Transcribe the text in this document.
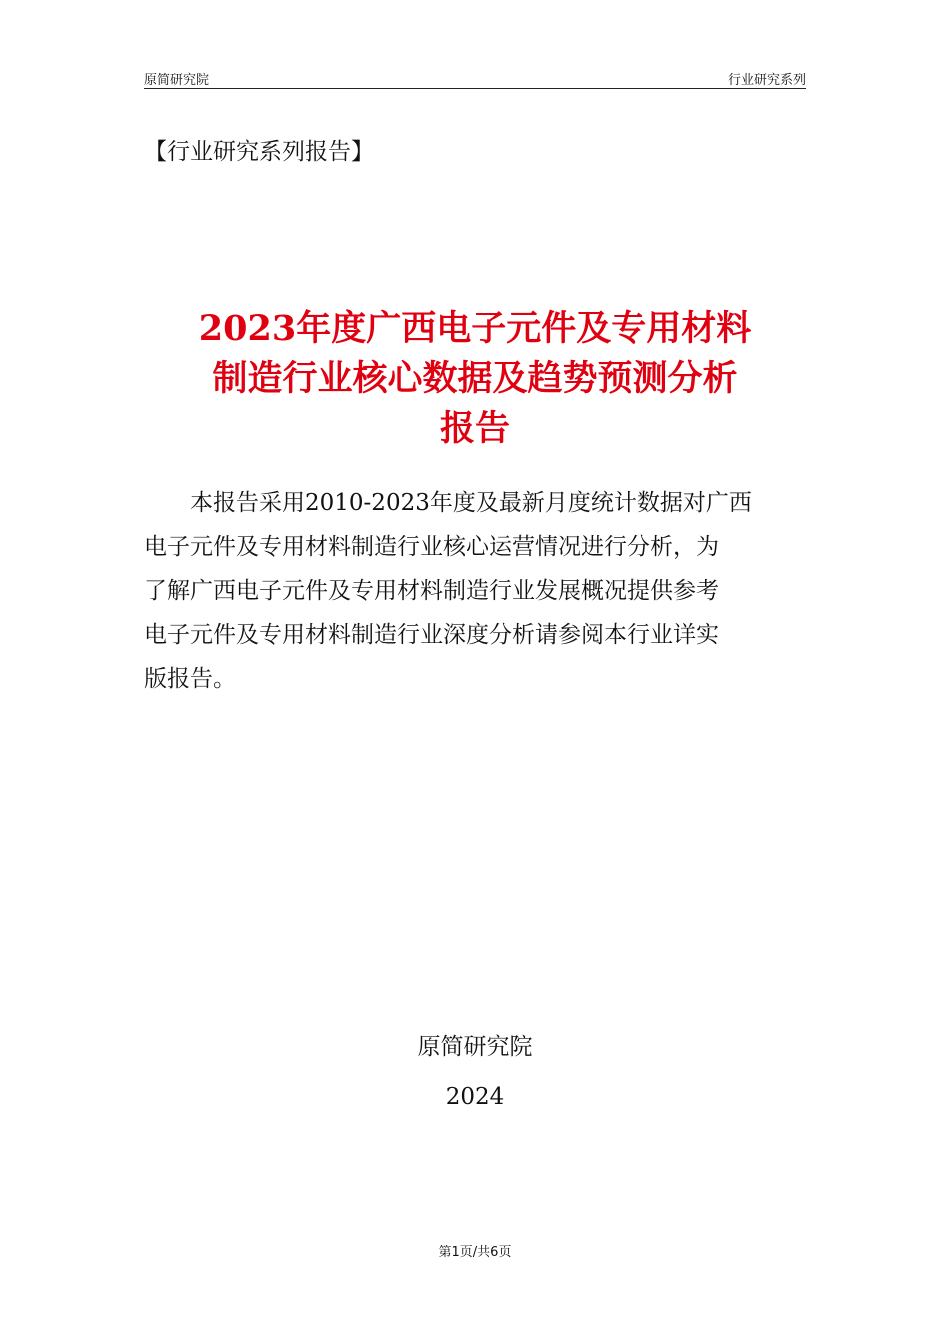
原简研究院	行业研究系列
【行业研究系列报告】
2023年度广西电子元件及专用材料
制造行业核心数据及趋势预测分析
报告
本报告采用2010-2023年度及最新月度统计数据对广西
电子元件及专用材料制造行业核心运营情况进行分析，为
了解广西电子元件及专用材料制造行业发展概况提供参考
电子元件及专用材料制造行业深度分析请参阅本行业详实
版报告。
原简研究院
2024
第1页/共6页
